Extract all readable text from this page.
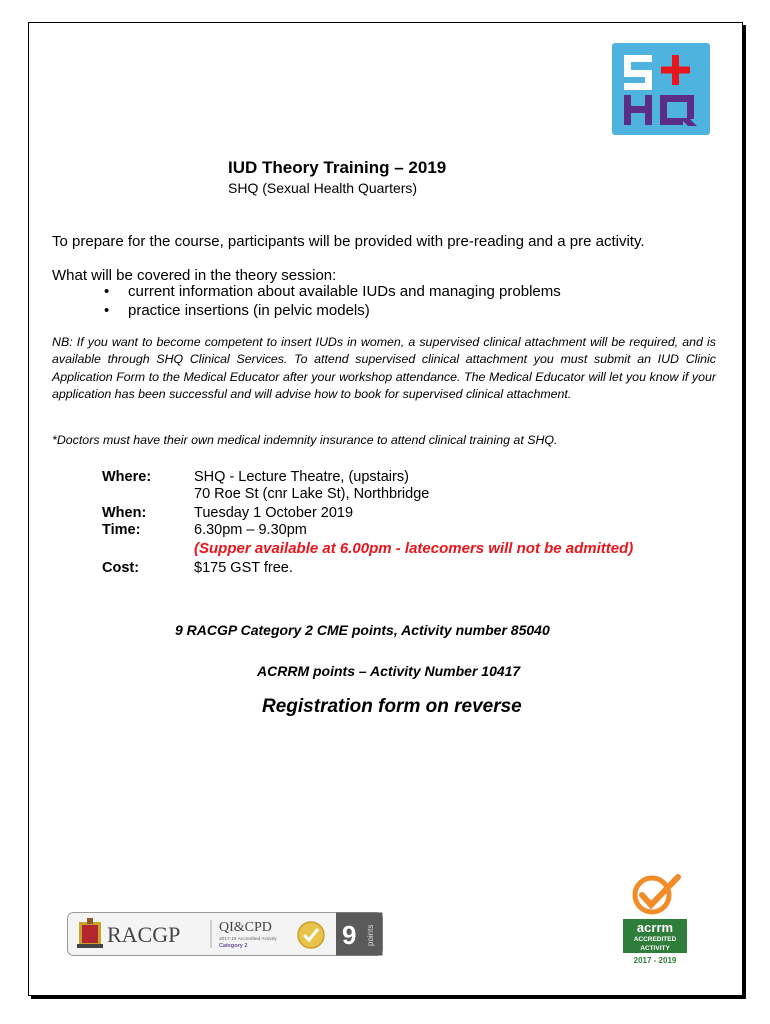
IUD Theory Training – 2019
SHQ (Sexual Health Quarters)
To prepare for the course, participants will be provided with pre-reading and a pre activity.
What will be covered in the theory session:
• current information about available IUDs and managing problems
• practice insertions (in pelvic models)
NB: If you want to become competent to insert IUDs in women, a supervised clinical attachment will be required, and is available through SHQ Clinical Services. To attend supervised clinical attachment you must submit an IUD Clinic Application Form to the Medical Educator after your workshop attendance. The Medical Educator will let you know if your application has been successful and will advise how to book for supervised clinical attachment.
*Doctors must have their own medical indemnity insurance to attend clinical training at SHQ.
Where:	SHQ - Lecture Theatre, (upstairs)
70 Roe St (cnr Lake St), Northbridge
When:	Tuesday 1 October 2019
Time:	6.30pm – 9.30pm
(Supper available at 6.00pm - latecomers will not be admitted)
Cost:	$175 GST free.
9 RACGP Category 2 CME points, Activity number 85040
ACRRM points – Activity Number 10417
Registration form on reverse
RACGP	QI&CPD
2017-19 Accredited Activity
Category 2	9 points	acrrm
ACCREDITED
ACTIVITY
2017 - 2019
